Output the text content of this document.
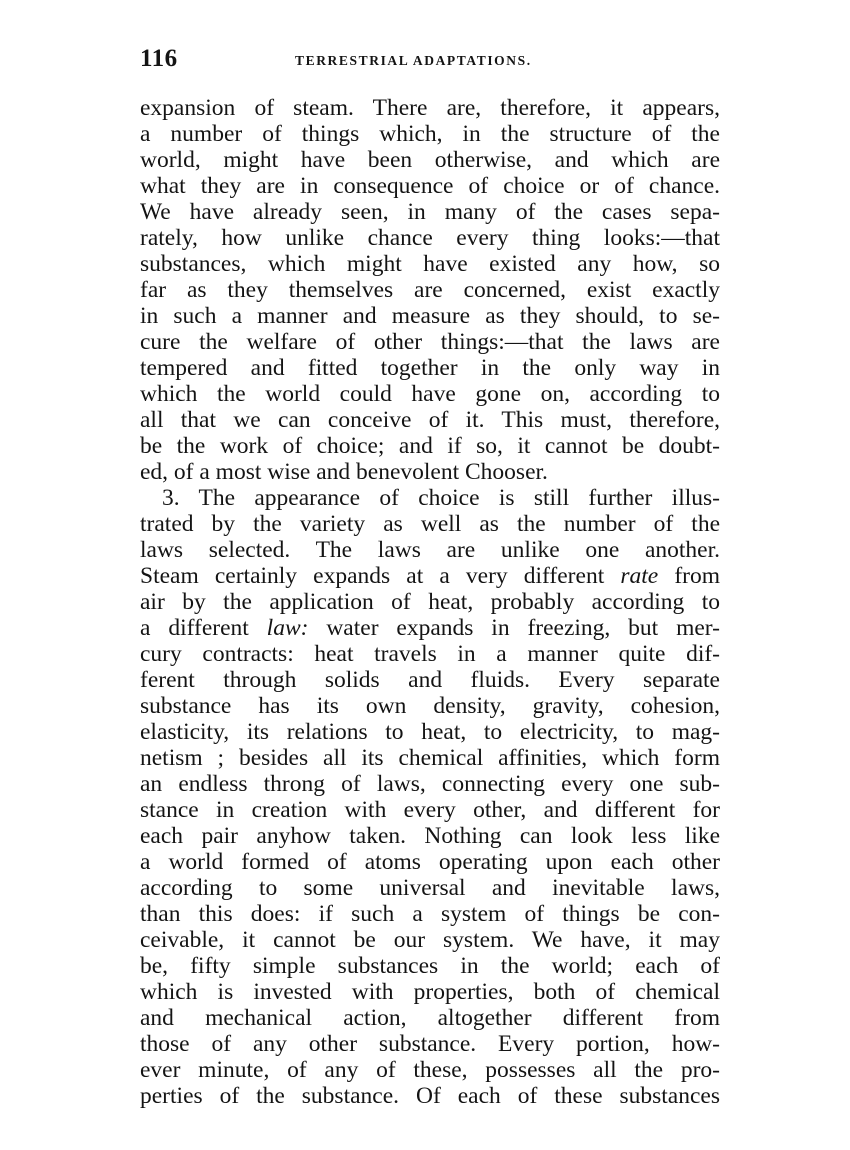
116	TERRESTRIAL ADAPTATIONS.
expansion of steam. There are, therefore, it appears,
a number of things which, in the structure of the
world, might have been otherwise, and which are
what they are in consequence of choice or of chance.
We have already seen, in many of the cases sepa-
rately, how unlike chance every thing looks:—that
substances, which might have existed any how, so
far as they themselves are concerned, exist exactly
in such a manner and measure as they should, to se-
cure the welfare of other things:—that the laws are
tempered and fitted together in the only way in
which the world could have gone on, according to
all that we can conceive of it. This must, therefore,
be the work of choice; and if so, it cannot be doubt-
ed, of a most wise and benevolent Chooser.
3. The appearance of choice is still further illus-
trated by the variety as well as the number of the
laws selected. The laws are unlike one another.
Steam certainly expands at a very different rate from
air by the application of heat, probably according to
a different law: water expands in freezing, but mer-
cury contracts: heat travels in a manner quite dif-
ferent through solids and fluids. Every separate
substance has its own density, gravity, cohesion,
elasticity, its relations to heat, to electricity, to mag-
netism ; besides all its chemical affinities, which form
an endless throng of laws, connecting every one sub-
stance in creation with every other, and different for
each pair anyhow taken. Nothing can look less like
a world formed of atoms operating upon each other
according to some universal and inevitable laws,
than this does: if such a system of things be con-
ceivable, it cannot be our system. We have, it may
be, fifty simple substances in the world; each of
which is invested with properties, both of chemical
and mechanical action, altogether different from
those of any other substance. Every portion, how-
ever minute, of any of these, possesses all the pro-
perties of the substance. Of each of these substances
